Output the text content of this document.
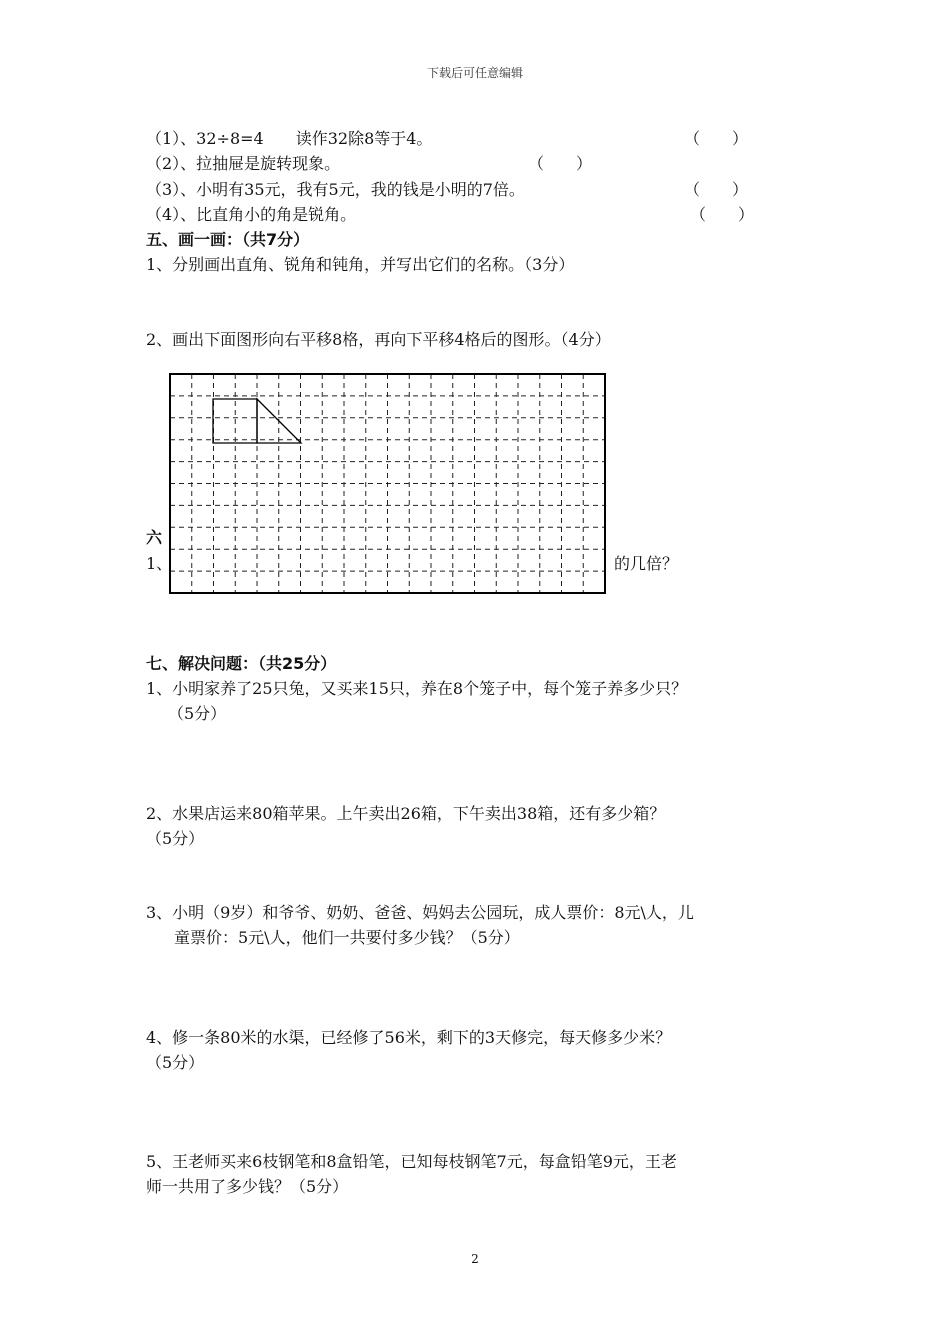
下载后可任意编辑
（1）、32÷8=4　　读作32除8等于4。	（　　）
（2）、拉抽屉是旋转现象。	（　　）
（3）、小明有35元，我有5元，我的钱是小明的7倍。	（　　）
（4）、比直角小的角是锐角。	（　　）
五、画一画：（共7分）
1、分别画出直角、锐角和钝角，并写出它们的名称。（3分）
2、画出下面图形向右平移8格，再向下平移4格后的图形。（4分）
六
1、	的几倍？
七、解决问题：（共25分）
1、小明家养了25只兔，又买来15只，养在8个笼子中，每个笼子养多少只？
（5分）
2、水果店运来80箱苹果。上午卖出26箱，下午卖出38箱，还有多少箱？
（5分）
3、小明（9岁）和爷爷、奶奶、爸爸、妈妈去公园玩，成人票价：8元\人，儿
童票价：5元\人，他们一共要付多少钱？（5分）
4、修一条80米的水渠，已经修了56米，剩下的3天修完，每天修多少米？
（5分）
5、王老师买来6枝钢笔和8盒铅笔，已知每枝钢笔7元，每盒铅笔9元，王老
师一共用了多少钱？（5分）
2
